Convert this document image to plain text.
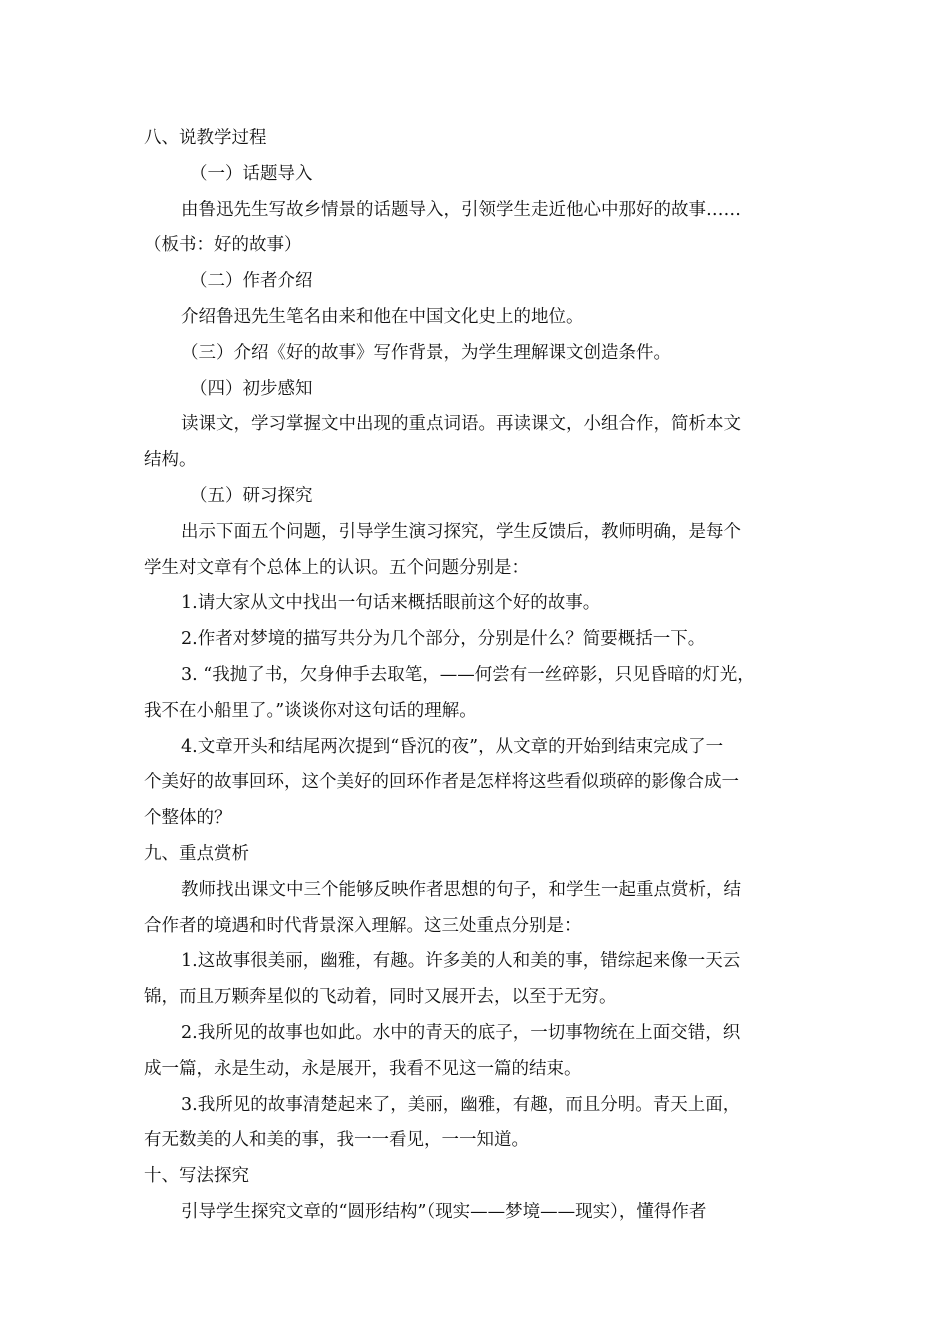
八、说教学过程
（一）话题导入
由鲁迅先生写故乡情景的话题导入，引领学生走近他心中那好的故事……
（板书：好的故事）
（二）作者介绍
介绍鲁迅先生笔名由来和他在中国文化史上的地位。
（三）介绍《好的故事》写作背景，为学生理解课文创造条件。
（四）初步感知
读课文，学习掌握文中出现的重点词语。再读课文，小组合作，简析本文
结构。
（五）研习探究
出示下面五个问题，引导学生演习探究，学生反馈后，教师明确，是每个
学生对文章有个总体上的认识。五个问题分别是：
1.请大家从文中找出一句话来概括眼前这个好的故事。
2.作者对梦境的描写共分为几个部分，分别是什么？简要概括一下。
3. “我抛了书，欠身伸手去取笔，——何尝有一丝碎影，只见昏暗的灯光，
我不在小船里了。”谈谈你对这句话的理解。
4.文章开头和结尾两次提到“昏沉的夜”，从文章的开始到结束完成了一
个美好的故事回环，这个美好的回环作者是怎样将这些看似琐碎的影像合成一
个整体的？
九、重点赏析
教师找出课文中三个能够反映作者思想的句子，和学生一起重点赏析，结
合作者的境遇和时代背景深入理解。这三处重点分别是：
1.这故事很美丽，幽雅，有趣。许多美的人和美的事，错综起来像一天云
锦，而且万颗奔星似的飞动着，同时又展开去，以至于无穷。
2.我所见的故事也如此。水中的青天的底子，一切事物统在上面交错，织
成一篇，永是生动，永是展开，我看不见这一篇的结束。
3.我所见的故事清楚起来了，美丽，幽雅，有趣，而且分明。青天上面，
有无数美的人和美的事，我一一看见，一一知道。
十、写法探究
引导学生探究文章的“圆形结构”（现实——梦境——现实），懂得作者
